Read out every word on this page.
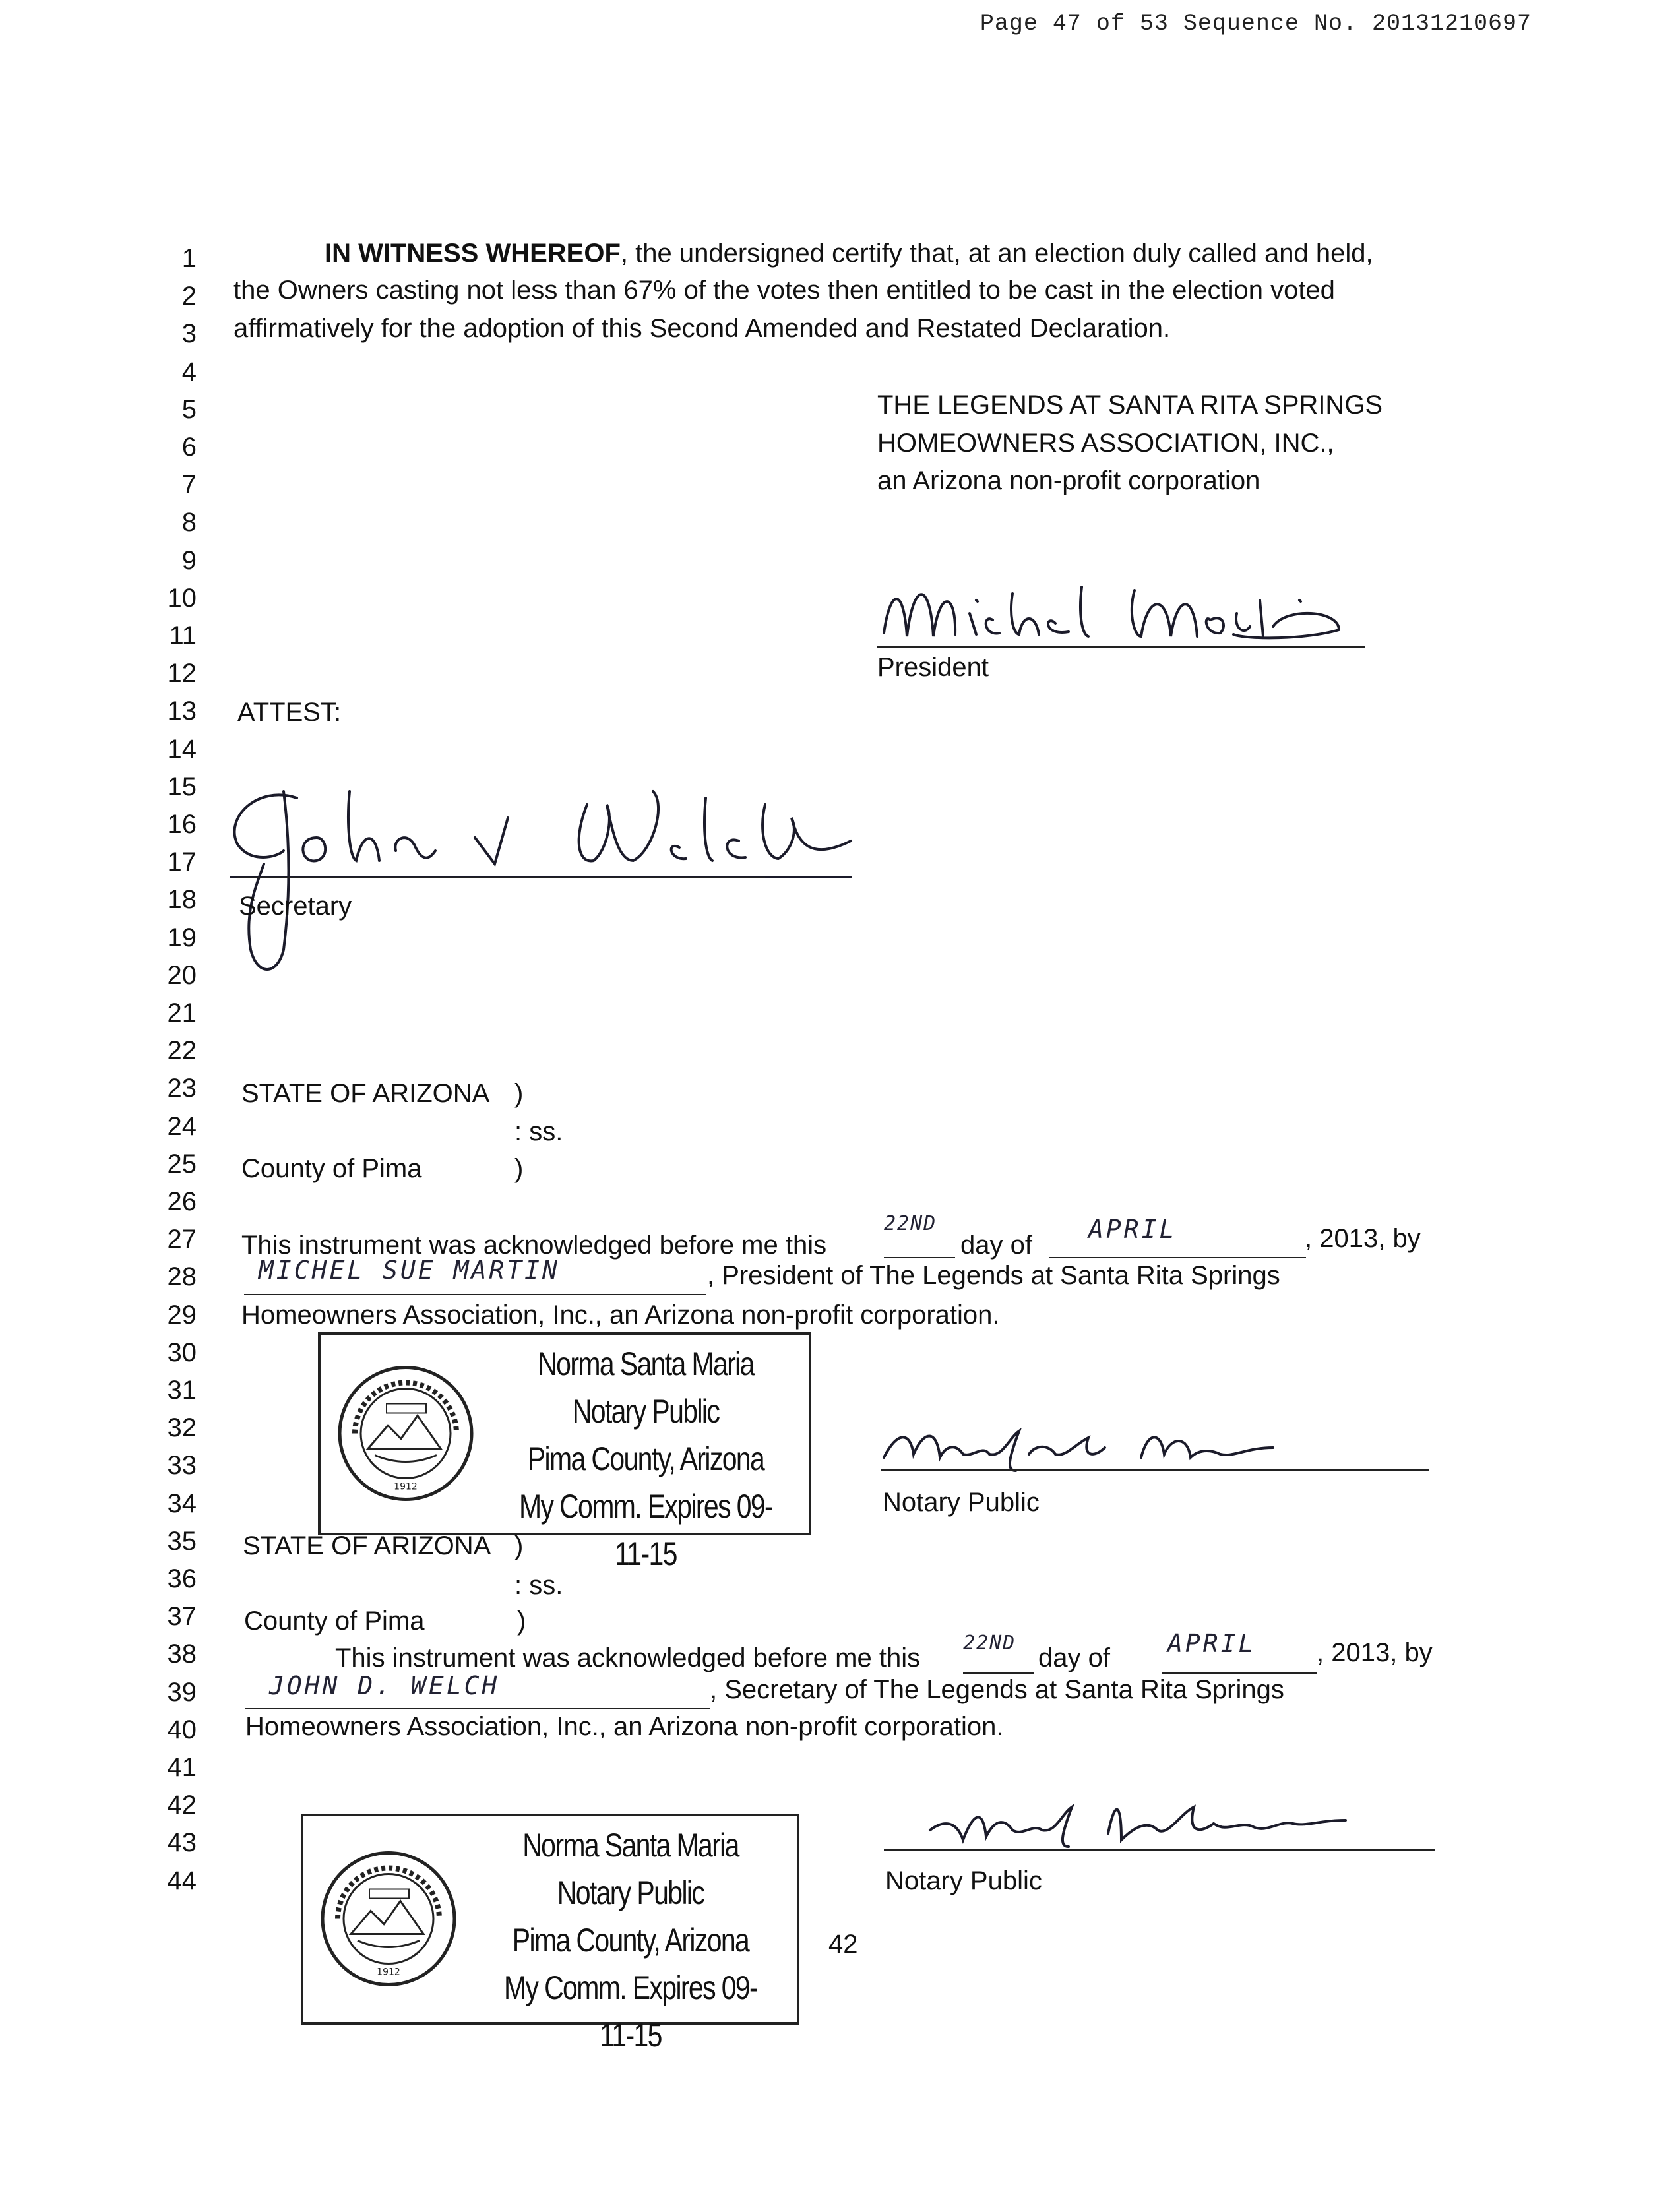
Page 47 of 53 Sequence No. 20131210697
1
2
3
4
5
6
7
8
9
10
11
12
13
14
15
16
17
18
19
20
21
22
23
24
25
26
27
28
29
30
31
32
33
34
35
36
37
38
39
40
41
42
43
44
IN WITNESS WHEREOF, the undersigned certify that, at an election duly called and held,
the Owners casting not less than 67% of the votes then entitled to be cast in the election voted
affirmatively for the adoption of this Second Amended and Restated Declaration.
THE LEGENDS AT SANTA RITA SPRINGS
HOMEOWNERS ASSOCIATION, INC.,
an Arizona non-profit corporation
President
ATTEST:
Secretary
STATE OF ARIZONA )
: ss.
County of Pima	)
This instrument was acknowledged before me this
22ND
day of
APRIL	, 2013, by
MICHEL SUE MARTIN	, President of The Legends at Santa Rita Springs
Homeowners Association, Inc., an Arizona non-profit corporation.
1912
Norma Santa Maria
Notary Public
Pima County, Arizona
My Comm. Expires 09-11-15
Notary Public
STATE OF ARIZONA )
: ss.
County of Pima	)
This instrument was acknowledged before me this
22ND
day of APRIL , 2013, by
JOHN D. WELCH	, Secretary of The Legends at Santa Rita Springs
Homeowners Association, Inc., an Arizona non-profit corporation.
Notary Public
1912
Norma Santa Maria
Notary Public
Pima County, Arizona
My Comm. Expires 09-11-15
42
